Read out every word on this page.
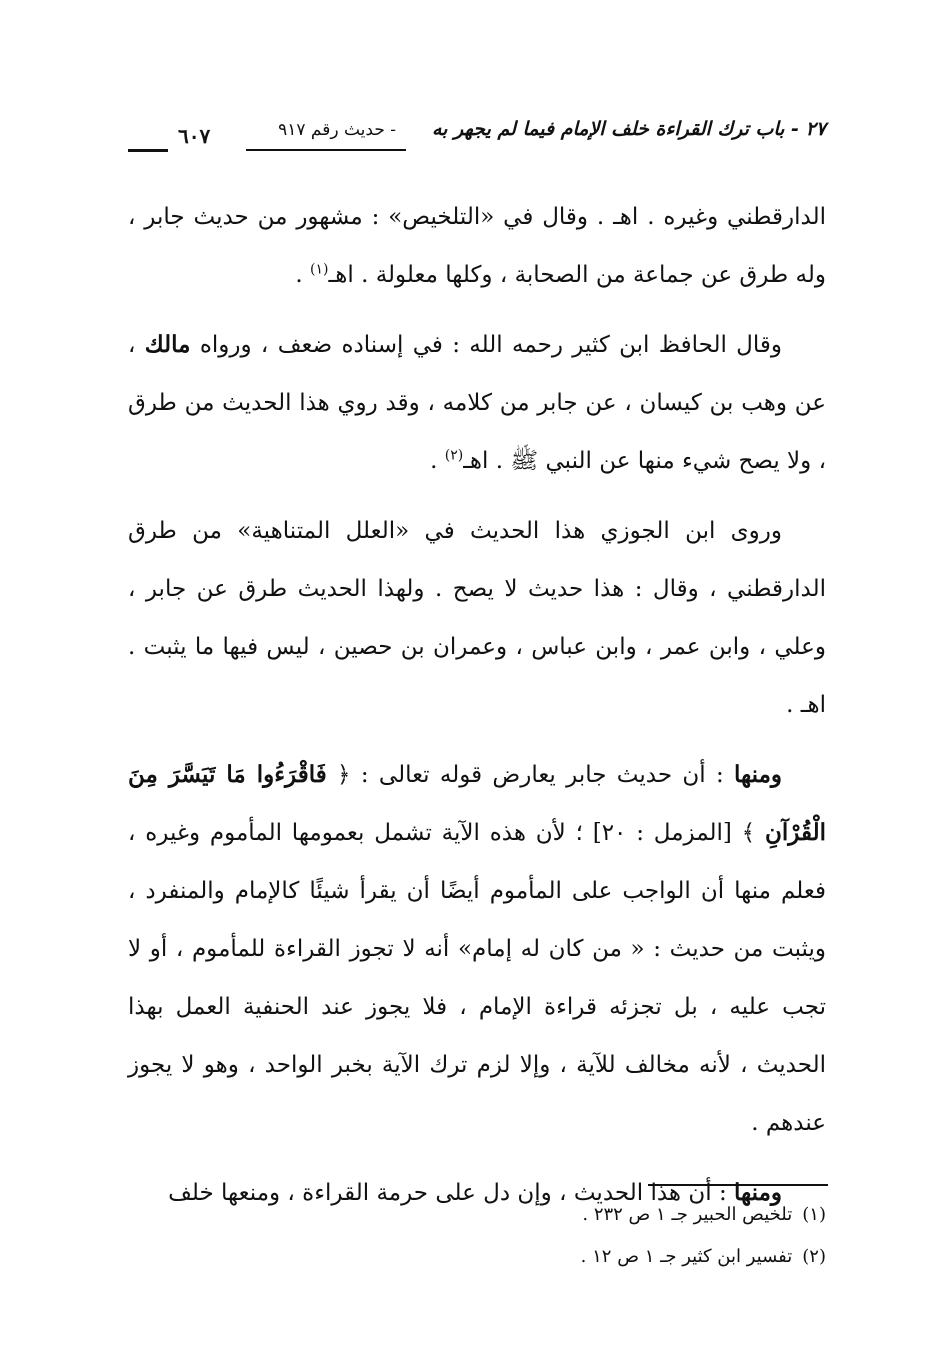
٢٧ - باب ترك القراءة خلف الإمام فيما لم يجهر به
- حديث رقم ٩١٧
٦٠٧

الدارقطني وغيره . اهـ . وقال في «التلخيص» : مشهور من حديث جابر ، وله طرق عن جماعة من الصحابة ، وكلها معلولة . اهـ$^{(١)}$ .

وقال الحافظ ابن كثير رحمه الله : في إسناده ضعف ، ورواه مالك ، عن وهب بن كيسان ، عن جابر من كلامه ، وقد روي هذا الحديث من طرق ، ولا يصح شيء منها عن النبي ﷺ . اهـ$^{(٢)}$ .

وروى ابن الجوزي هذا الحديث في «العلل المتناهية» من طرق الدارقطني ، وقال : هذا حديث لا يصح . ولهذا الحديث طرق عن جابر ، وعلي ، وابن عمر ، وابن عباس ، وعمران بن حصين ، ليس فيها ما يثبت . اهـ .

ومنها : أن حديث جابر يعارض قوله تعالى : ﴿ فَاقْرَءُوا مَا تَيَسَّرَ مِنَ الْقُرْآنِ ﴾ [المزمل : ٢٠] ؛ لأن هذه الآية تشمل بعمومها المأموم وغيره ، فعلم منها أن الواجب على المأموم أيضًا أن يقرأ شيئًا كالإمام والمنفرد ، ويثبت من حديث : « من كان له إمام» أنه لا تجوز القراءة للمأموم ، أو لا تجب عليه ، بل تجزئه قراءة الإمام ، فلا يجوز عند الحنفية العمل بهذا الحديث ، لأنه مخالف للآية ، وإلا لزم ترك الآية بخبر الواحد ، وهو لا يجوز عندهم .

ومنها : أن هذا الحديث ، وإن دل على حرمة القراءة ، ومنعها خلف

(١)تلخيص الحبير جـ ١ ص ٢٣٢ .
(٢)تفسير ابن كثير جـ ١ ص ١٢ .
